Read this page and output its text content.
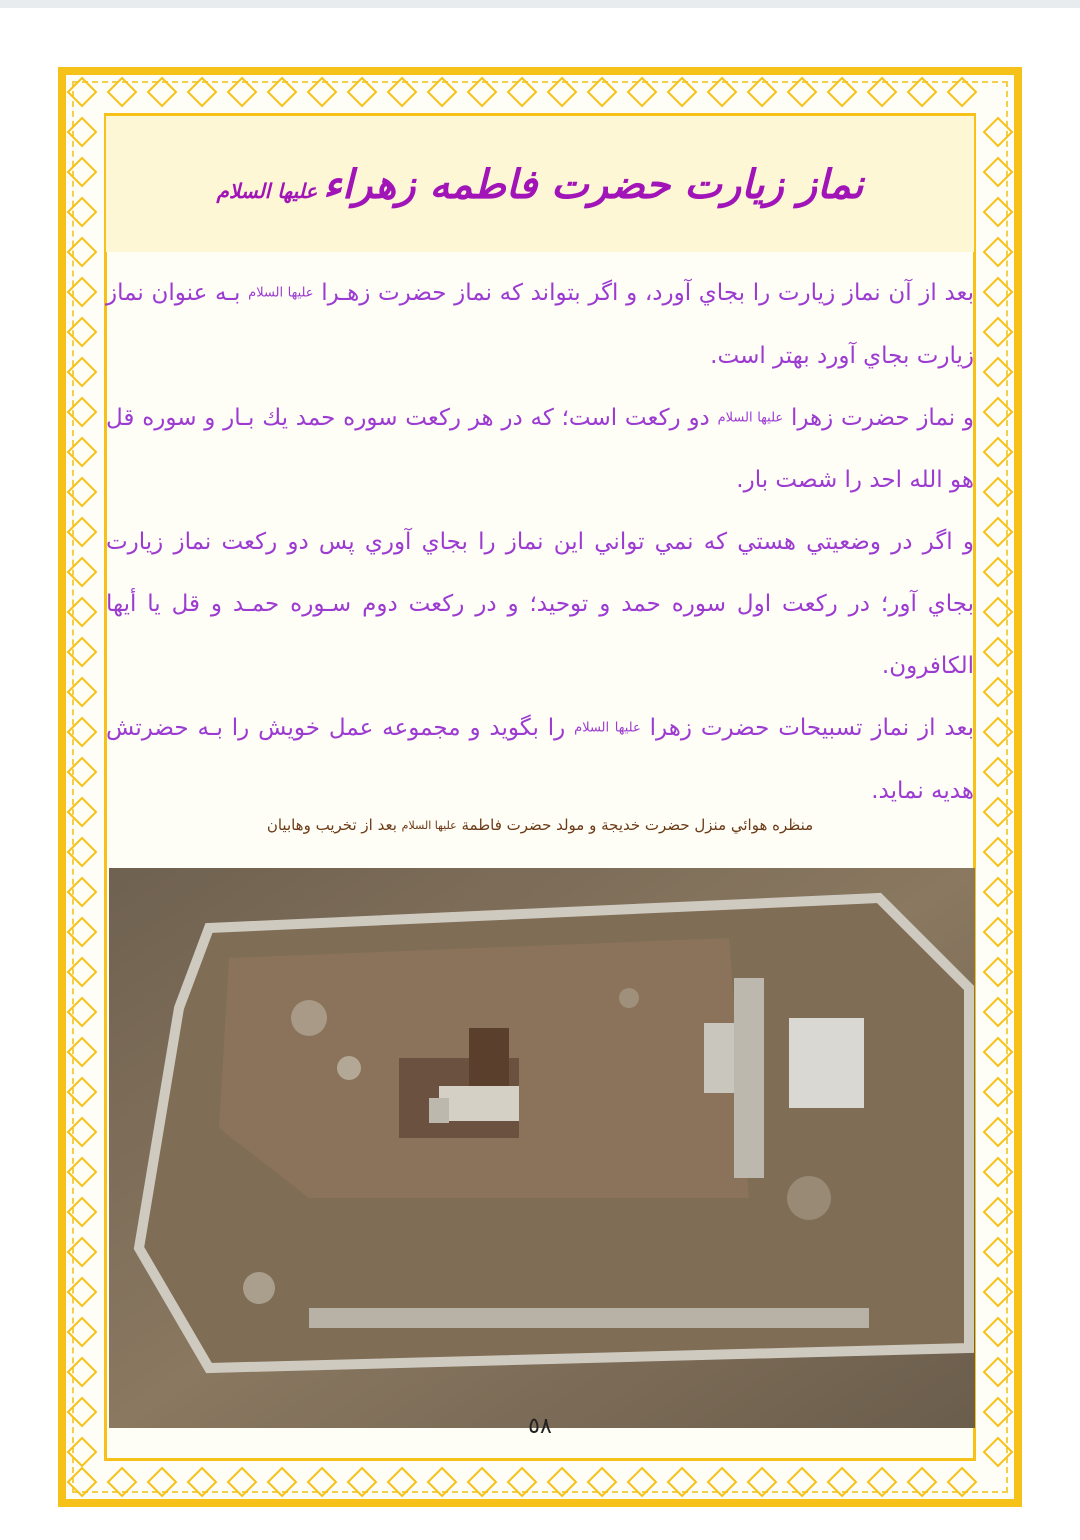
نماز زيارت حضرت فاطمه زهراءعليها السلام

بعد از آن نماز زيارت را بجاي آورد، و اگر بتواند كه نماز حضرت زهـرا عليها السلام بـه عنوان نماز زيارت بجاي آورد بهتر است.

و نماز حضرت زهرا عليها السلام دو ركعت است؛ كه در هر ركعت سوره حمد يك بـار و سوره قل هو الله احد را شصت بار.

و اگر در وضعيتي هستي كه نمي تواني اين نماز را بجاي آوري پس دو ركعت نماز زيارت بجاي آور؛ در ركعت اول سوره حمد و توحيد؛ و در ركعت دوم سـوره حمـد و قل يا أيها الكافرون.

بعد از نماز تسبيحات حضرت زهرا عليها السلام را بگويد و مجموعه عمل خويش را بـه حضرتش هديه نمايد.

منظره هوائي منزل حضرت خديجة و مولد حضرت فاطمة عليها السلام بعد از تخريب وهابيان
٥٨
